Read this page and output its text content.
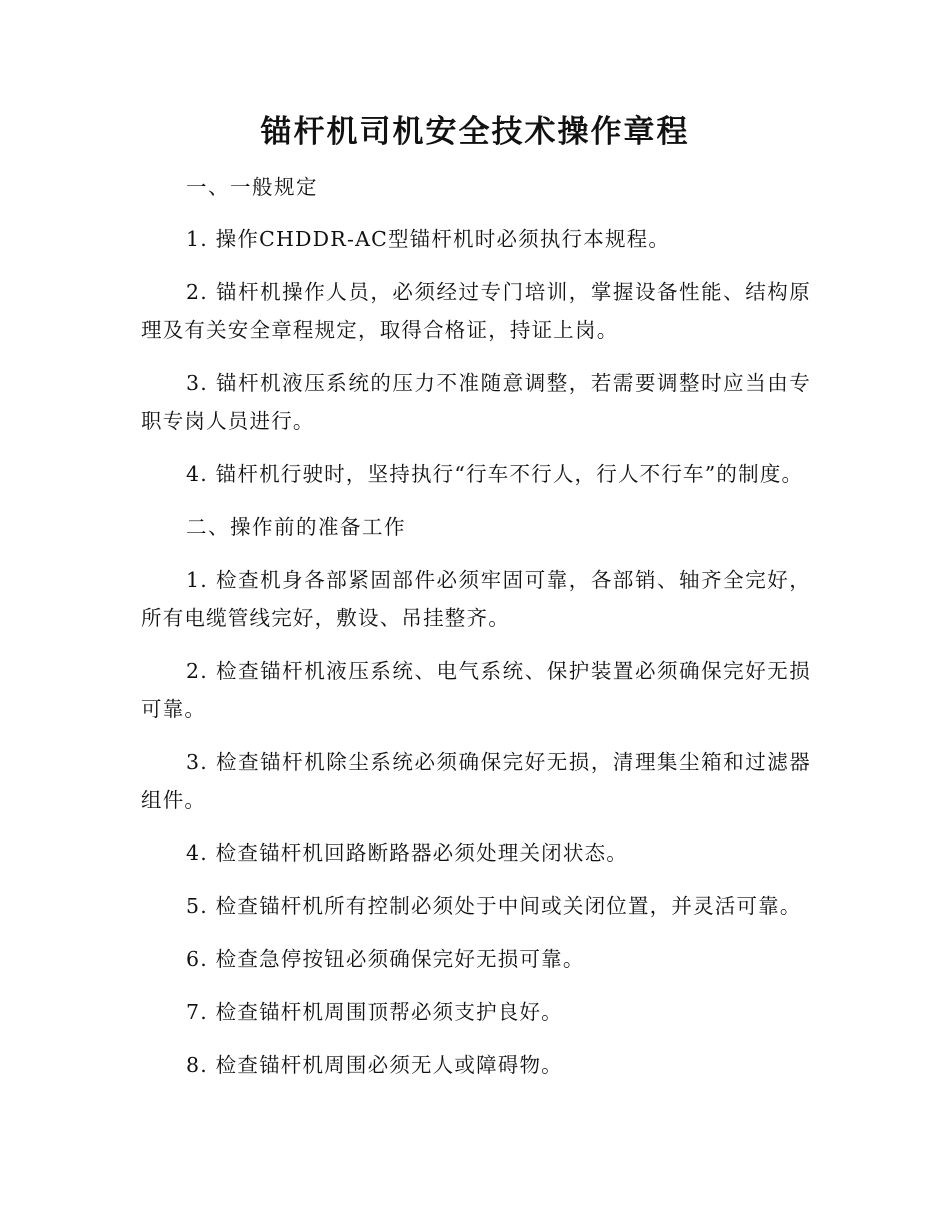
锚杆机司机安全技术操作章程

一、一般规定

1. 操作CHDDR-AC型锚杆机时必须执行本规程。

2. 锚杆机操作人员，必须经过专门培训，掌握设备性能、结构原理及有关安全章程规定，取得合格证，持证上岗。

3. 锚杆机液压系统的压力不准随意调整，若需要调整时应当由专职专岗人员进行。

4. 锚杆机行驶时，坚持执行“行车不行人，行人不行车”的制度。

二、操作前的准备工作

1. 检查机身各部紧固部件必须牢固可靠，各部销、轴齐全完好，所有电缆管线完好，敷设、吊挂整齐。

2. 检查锚杆机液压系统、电气系统、保护装置必须确保完好无损可靠。

3. 检查锚杆机除尘系统必须确保完好无损，清理集尘箱和过滤器组件。

4. 检查锚杆机回路断路器必须处理关闭状态。

5. 检查锚杆机所有控制必须处于中间或关闭位置，并灵活可靠。

6. 检查急停按钮必须确保完好无损可靠。

7. 检查锚杆机周围顶帮必须支护良好。

8. 检查锚杆机周围必须无人或障碍物。
